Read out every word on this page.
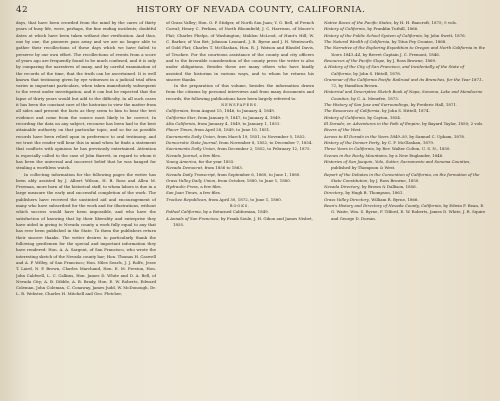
42	HISTORY OF NEVADA COUNTY, CALIFORNIA.

days, that have been crowded from the mind by the cares of thirty years of busy life, were, perhaps, the fine ending incidents; doubtful dates at which have been taken without due verification. And thus, one by one, the pioneers pass away and we are no longer able to gather their recollections of these days which we have failed to preserve by our own effort. The recollections of events from a score of years ago are frequently found to be much confused, and it is only by comparing the narratives of many, and by careful examination of the records of the time, that the truth can be ascertained. It is well known that testimony given by eye witnesses in a judicial trial often varies in important particulars, when taken immediately subsequent to the event under investigation, and it can but be expected that the lapse of thirty years would but add to the difficulty. In all such cases it has been the constant care of the historian to view the matter from all sides and present the facts as they seem to him to bear the test evidence and come from the source most likely to be correct. In recording the data on any subject, recourse has been had to the best attainable authority on that particular topic, and so far as possible records have been relied upon in preference to oral testimony, and we trust the reader will bear this in mind when he finds a statement that conflicts with opinions he has previously entertained. Attention is especially called to the case of John Barrett, in regard to whom it has been the universal and incorrect belief that he was hanged for stealing a worthless watch.

In collecting information for the following pages the writer has been ably assisted by J. Albert Wilson, H. B. Ross and Allen M. Freeman, more born of the historical staff, to whom labors is due in a large measure the early and successful completion of the work. The publishers have received the unstinted aid and encouragement of many who have subscribed for the work and for illustrations, without which success would have been impossible, and who have the satisfaction of knowing that by their liberality and enterprise they have aided in giving to Nevada county a work fully equal to any that has ever been published in the State. To them the publishers return their sincere thanks. The writer desires to particularly thank the following gentlemen for the special and important information they have rendered: Hon. A. A. Sargent, of San Francisco, who wrote the interesting sketch of the Nevada county bar; Hon. Thomas H. Caswell and A. P. Willey, of San Francisco; Hon. Niles Searls, J. J. Rolfe, Jesse T. Laird, N. P. Brown, Charles Marchand, Hon. E. M. Preston, Hon. John Caldwell, L. C. Calkins, Hon. James D. White and D. A. Bell, of Nevada City; A. B. Dibble, A. B. Brady, Hon. E. W. Roberts, Edward Coleman, John Coleman, C. Conaway, James Judd, W. McDonough, Dr. L. R. Webster, Charles H. Mitchell and Geo. Fletcher,

of Grass Valley; Hon. O. P. Stidger, of North San Juan; Y. G. Bell, of French Corral; Henry C. Perkins, of North Bloomfield; J. C. Harrison, of Moore's Flat; Charles Phelps, of Washington; Mahlon McLeod, of Hunt's Hill; W. C. Barker, of You Bet; Johnson Leonard, J. R. Byrne and J. H. Wentworth, of Gold Flat; Charles T. McGlashan, Hon. R. J. Watson and Blasdel Davis, of Truckee. For the courteous assistance of the county and city officers and to the favorable consideration of the county press the writer is also under obligations. Besides these are many others who have kindly assisted the historian in various ways, and to whom he returns his sincere thanks.

In the preparation of this volume, besides the information drawn from the citizens by personal interviews and from many documents and records, the following publications have been largely referred to:

NEWSPAPERS.

Californian, from August 15, 1846, to January 4, 1849.

California Star, from January 9, 1847, to January 4, 1849.

Alta California, from January 4, 1849, to January 1, 1851.

Placer Times, from April 28, 1849, to June 10, 1851.

Sacramento Daily Union, from March 19, 1851, to November 5, 1852.

Democratic State Journal, from November 8, 1852, to December 7, 1854.

Sacramento Daily Union, from December 2, 1852, to February 12, 1875.

Nevada Journal, a few files.

Young America, for the year 1855.

Nevada Democrat, from 1856 to 1863.

Nevada Daily Transcript, from September 6, 1860, to June 1, 1880.

Grass Valley Daily Union, from October, 1880, to June 1, 1880.

Hydraulic Press, a few files.

San Juan Times, a few files.

Truckee Republican, from April 30, 1872, to June 1, 1880.

BOOKS.

Pathed California, by a Returned Californian, 1849.

A Annals of San Francisco, by Frank Soule, J. H. Gihon and James Nisbet, 1855.

Native Races of the Pacific States, by H. H. Bancroft, 1875; 5 vols.

History of California, by Franklin Tuthill, 1866.

History of the Public School System of California, by John Swett, 1876.

The Natural Wealth of California, by Titus Fey Cronise, 1868.

The Narrative of the Exploring Expedition to Oregon and North California in the Years 1843–44, by Brevet Captain J. C. Fremont, 1846.

Resources of the Pacific Slope, by J. Ross Browne, 1869.

A History of the City of San Francisco, and Incidentally of the State of California, by John S. Hittell, 1878.

Grammar of the California Pacific Railroad and its Branches, for the Year 1871–72, by Hamilton Brown.

Historical and Descriptive Sketch Book of Napa, Sonoma, Lake and Mendocino Counties, by C. A. Menefee, 1873.

The History of San Jose and Surroundings, by Frederic Hall, 1871.

The Resources of California, by John S. Hittell, 1874.

History of California, by Cayton, 1854.

El Dorado; or, Adventures in the Path of Empire, by Bayard Taylor, 1850; 2 vols.

Rivers of the West.

Across to El Dorado in the Years 1849–50, by Samuel C. Upham, 1878.

History of the Donner Party, by C. F. McGlashan, 1879.

Three Years in California, by Rev. Walter Colton, U. S. N., 1850.

Scenes in the Rocky Mountains, by a New Englander, 1846.

Histories of San Joaquin, Yolo, Sutter, Sacramento and Sonoma Counties, published by Thompson & West.

Report of the Debates in the Convention of California, on the formation of the State Constitution, by J. Ross Browne, 1850.

Nevada Directory, by Brown & Dallison, 1856.

Directory, by Hugh B. Thompson, 1861.

Grass Valley Directory, William R. Byrne, 1866.

Bean's History and Directory of Nevada County, California, by Edwin F. Bean, E. G. Waite, Wm. S. Byrne, F. Tilford, E. W. Roberts, James D. White, J. R. Squire and George D. Dornin.
